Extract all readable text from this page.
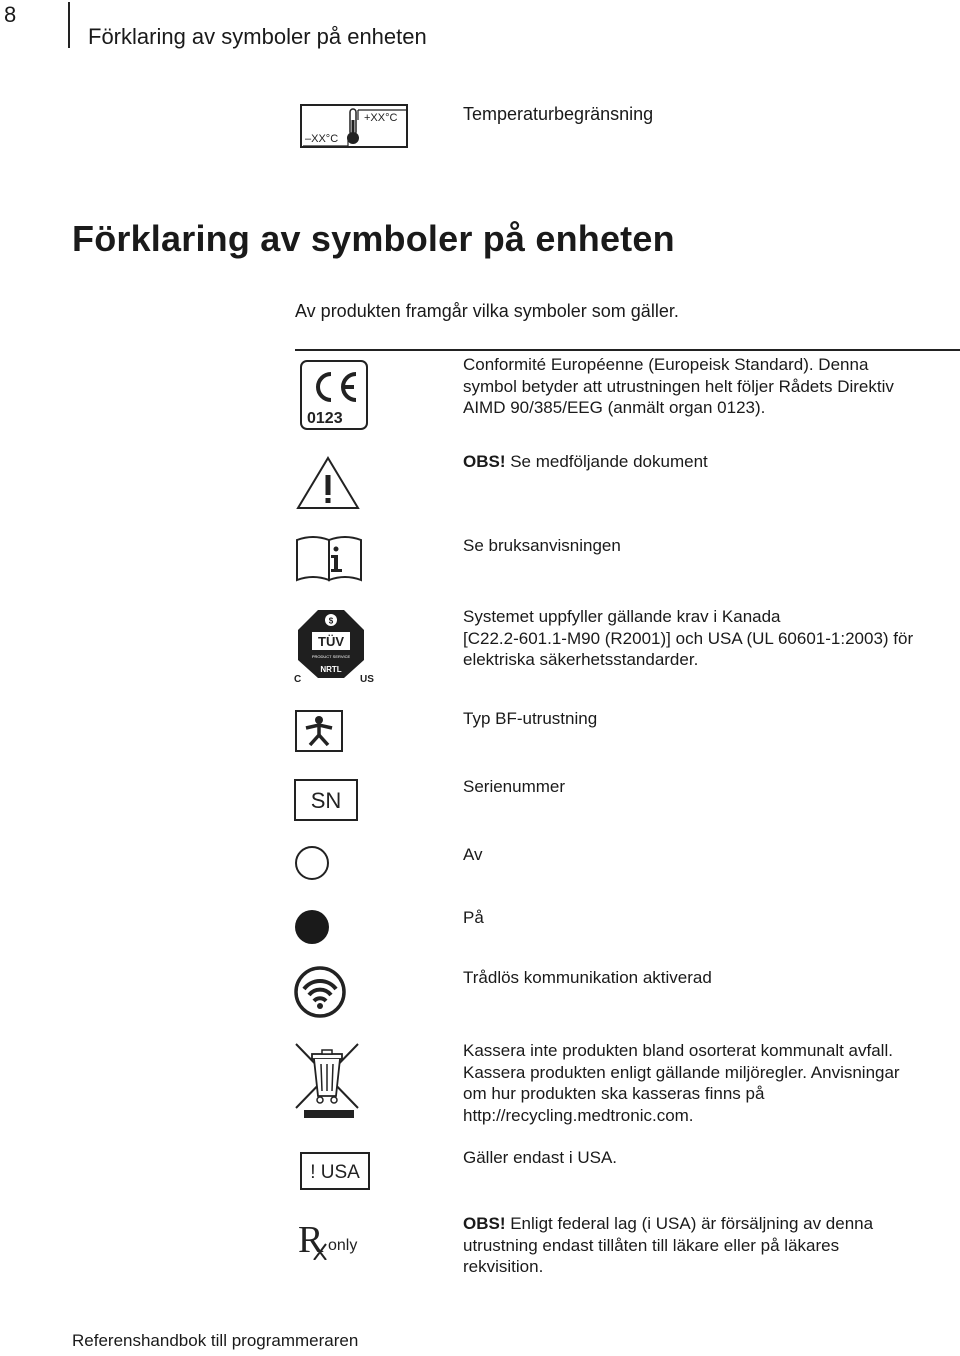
8
Förklaring av symboler på enheten
+XX°C
–XX°C
Temperaturbegränsning
Förklaring av symboler på enheten
Av produkten framgår vilka symboler som gäller.
0123
Conformité Européenne (Europeisk Standard). Denna
symbol betyder att utrustningen helt följer Rådets Direktiv
AIMD 90/385/EEG (anmält organ 0123).
OBS! Se medföljande dokument
Se bruksanvisningen
TÜV
$
PRODUCT SERVICE
NRTL
C	US
Systemet uppfyller gällande krav i Kanada
[C22.2-601.1-M90 (R2001)] och USA (UL 60601-1:2003) för
elektriska säkerhetsstandarder.
Typ BF-utrustning
SN
Serienummer
Av
På
Trådlös kommunikation aktiverad
Kassera inte produkten bland osorterat kommunalt avfall.
Kassera produkten enligt gällande miljöregler. Anvisningar
om hur produkten ska kasseras finns på
http://recycling.medtronic.com.
! USA
Gäller endast i USA.
R only
OBS! Enligt federal lag (i USA) är försäljning av denna
utrustning endast tillåten till läkare eller på läkares
rekvisition.
Referenshandbok till programmeraren
